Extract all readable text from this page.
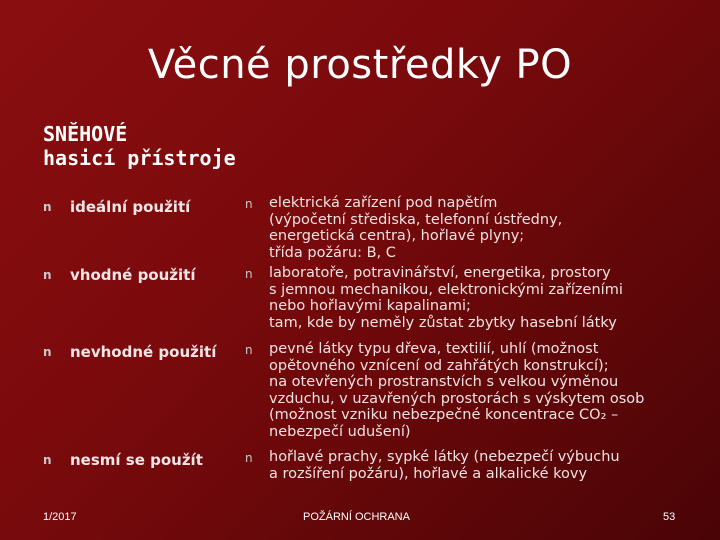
Věcné prostředky PO
SNĚHOVÉ
hasicí přístroje
n ideální použití
n vhodné použití
n nevhodné použití
n nesmí se použít
n elektrická zařízení pod napětím
(výpočetní střediska, telefonní ústředny,
energetická centra), hořlavé plyny;
třída požáru: B, C
n laboratoře, potravinářství, energetika, prostory
s jemnou mechanikou, elektronickými zařízeními
nebo hořlavými kapalinami;
tam, kde by neměly zůstat zbytky hasební látky
n pevné látky typu dřeva, textilií, uhlí (možnost
opětovného vznícení od zahřátých konstrukcí);
na otevřených prostranstvích s velkou výměnou
vzduchu, v uzavřených prostorách s výskytem osob
(možnost vzniku nebezpečné koncentrace CO₂ –
nebezpečí udušení)
n hořlavé prachy, sypké látky (nebezpečí výbuchu
a rozšíření požáru), hořlavé a alkalické kovy
1/2017	POŽÁRNÍ OCHRANA	53
